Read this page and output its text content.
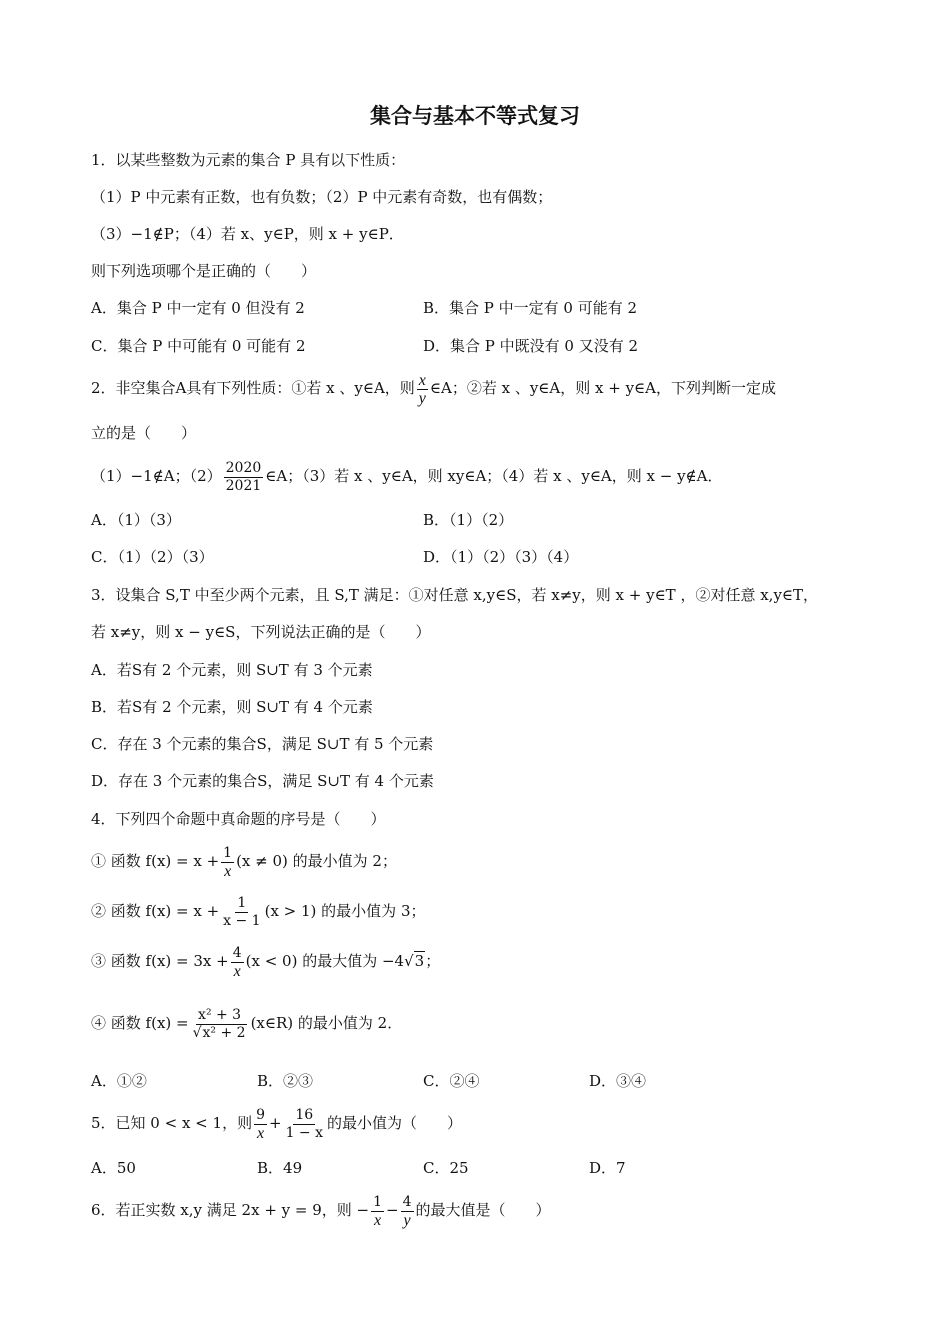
集合与基本不等式复习
1．以某些整数为元素的集合 P 具有以下性质：
（1）P 中元素有正数，也有负数；（2）P 中元素有奇数，也有偶数；
（3）−1∉P；（4）若 x、y∈P，则 x + y∈P．
则下列选项哪个是正确的（　　）
A．集合 P 中一定有 0 但没有 2	B．集合 P 中一定有 0 可能有 2
C．集合 P 中可能有 0 可能有 2	D．集合 P 中既没有 0 又没有 2
2．非空集合A具有下列性质：①若 x 、y∈A，则 $\frac{x}{y}$ ∈A；②若 x 、y∈A，则 x + y∈A，下列判断一定成
立的是（　　）
（1）−1∉A；$(2) \frac{2020}{2021}$ ∈A；（3）若 x 、y∈A，则 xy∈A；（4）若 x 、y∈A，则 x − y∉A．
A．（1）（3）	B．（1）（2）
C．（1）（2）（3）	D．（1）（2）（3）（4）
3．设集合 S,T 中至少两个元素，且 S,T 满足：①对任意 x,y∈S，若 x≠y，则 x + y∈T ，②对任意 x,y∈T，
若 x≠y，则 x − y∈S，下列说法正确的是（　　）
A．若S有 2 个元素，则 S∪T 有 3 个元素
B．若S有 2 个元素，则 S∪T 有 4 个元素
C．存在 3 个元素的集合S，满足 S∪T 有 5 个元素
D．存在 3 个元素的集合S，满足 S∪T 有 4 个元素
4．下列四个命题中真命题的序号是（　　）
① 函数 $f(x) = x + \frac{1}{x} (x \ne 0)$ 的最小值为 2；
② 函数 $f(x) = x + \frac{1}{x - 1} (x > 1)$ 的最小值为 3；
③ 函数 $f(x) = 3x + \frac{4}{x} (x < 0)$ 的最大值为 −4√3；
④ 函数 $f(x) = \frac{\text{x² + 3}}{\text{√x² + 2}}$ (x∈R) 的最小值为 2．
A．①②	B．②③	C．②④	D．③④
5．已知 0 < x < 1，则 $\frac{9}{x} + \frac{16}{1 - x}$ 的最小值为（　　）
A．50	B．49	C．25	D．7
6．若正实数 x,y 满足 2x + y = 9，则 − $\frac{1}{x} - \frac{4}{y}$ 的最大值是（　　）
